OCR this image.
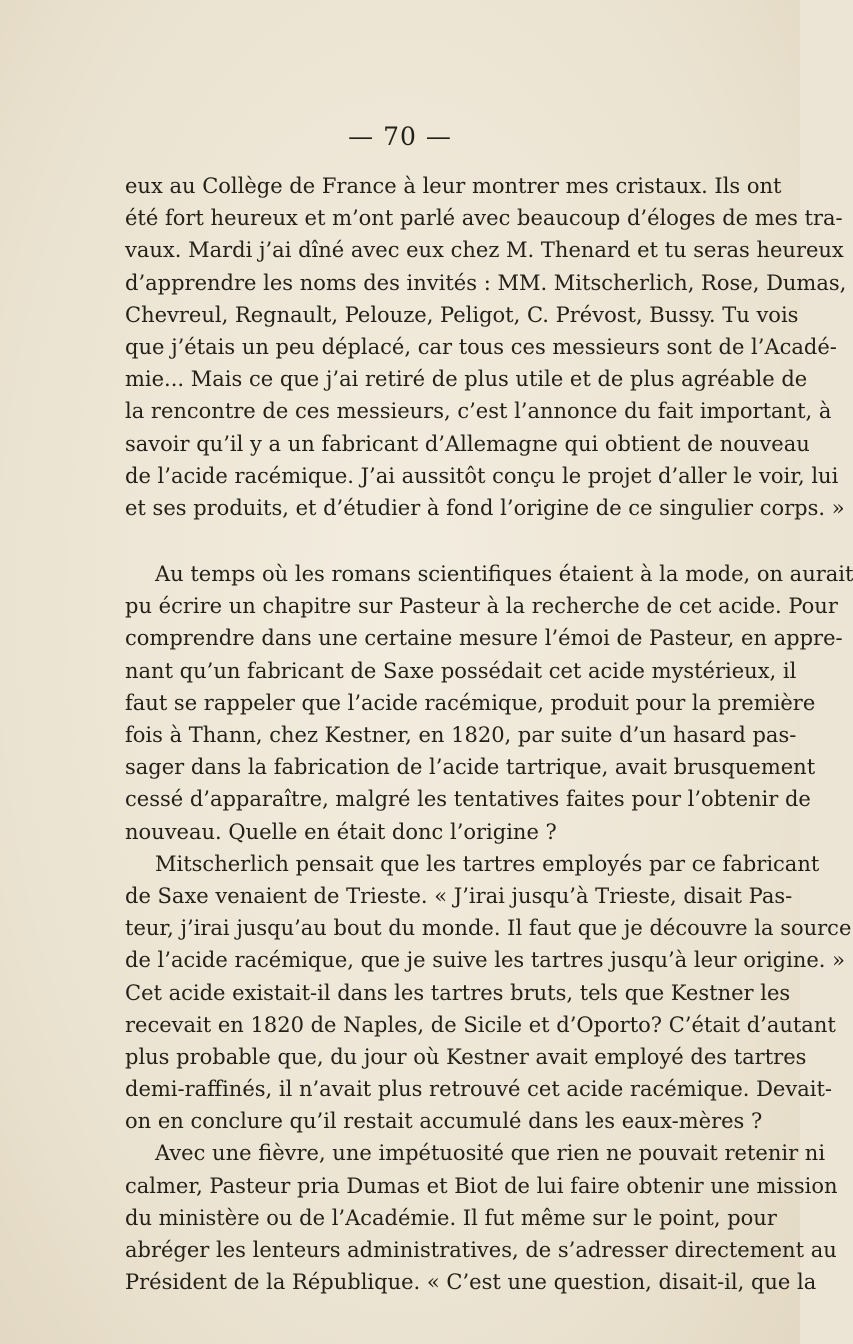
— 70 —
eux au Collège de France à leur montrer mes cristaux. Ils ont
été fort heureux et m’ont parlé avec beaucoup d’éloges de mes tra-
vaux. Mardi j’ai dîné avec eux chez M. Thenard et tu seras heureux
d’apprendre les noms des invités : MM. Mitscherlich, Rose, Dumas,
Chevreul, Regnault, Pelouze, Peligot, C. Prévost, Bussy. Tu vois
que j’étais un peu déplacé, car tous ces messieurs sont de l’Acadé-
mie... Mais ce que j’ai retiré de plus utile et de plus agréable de
la rencontre de ces messieurs, c’est l’annonce du fait important, à
savoir qu’il y a un fabricant d’Allemagne qui obtient de nouveau
de l’acide racémique. J’ai aussitôt conçu le projet d’aller le voir, lui
et ses produits, et d’étudier à fond l’origine de ce singulier corps. »
Au temps où les romans scientifiques étaient à la mode, on aurait
pu écrire un chapitre sur Pasteur à la recherche de cet acide. Pour
comprendre dans une certaine mesure l’émoi de Pasteur, en appre-
nant qu’un fabricant de Saxe possédait cet acide mystérieux, il
faut se rappeler que l’acide racémique, produit pour la première
fois à Thann, chez Kestner, en 1820, par suite d’un hasard pas-
sager dans la fabrication de l’acide tartrique, avait brusquement
cessé d’apparaître, malgré les tentatives faites pour l’obtenir de
nouveau. Quelle en était donc l’origine ?
Mitscherlich pensait que les tartres employés par ce fabricant
de Saxe venaient de Trieste. « J’irai jusqu’à Trieste, disait Pas-
teur, j’irai jusqu’au bout du monde. Il faut que je découvre la source
de l’acide racémique, que je suive les tartres jusqu’à leur origine. »
Cet acide existait-il dans les tartres bruts, tels que Kestner les
recevait en 1820 de Naples, de Sicile et d’Oporto? C’était d’autant
plus probable que, du jour où Kestner avait employé des tartres
demi-raffinés, il n’avait plus retrouvé cet acide racémique. Devait-
on en conclure qu’il restait accumulé dans les eaux-mères ?
Avec une fièvre, une impétuosité que rien ne pouvait retenir ni
calmer, Pasteur pria Dumas et Biot de lui faire obtenir une mission
du ministère ou de l’Académie. Il fut même sur le point, pour
abréger les lenteurs administratives, de s’adresser directement au
Président de la République. « C’est une question, disait-il, que la
